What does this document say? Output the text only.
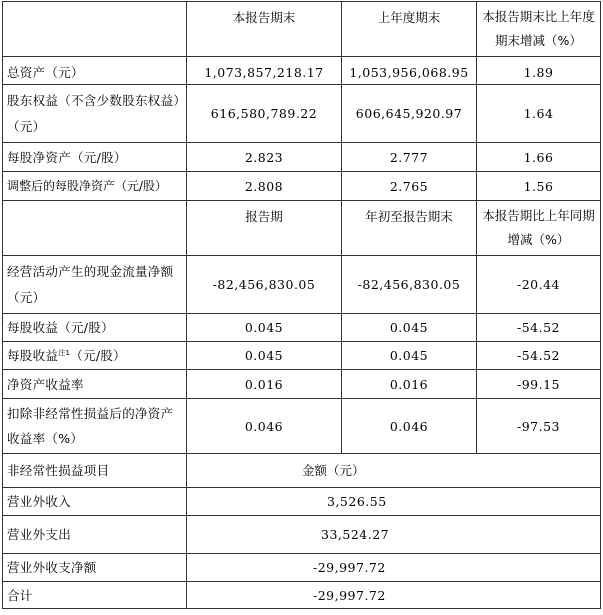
	本报告期末	上年度期末	本报告期末比上年度期末增减（%）
总资产（元）	1,073,857,218.17	1,053,956,068.95	1.89
股东权益（不含少数股东权益）（元）	616,580,789.22	606,645,920.97	1.64
每股净资产（元/股）	2.823	2.777	1.66
调整后的每股净资产（元/股）	2.808	2.765	1.56
	报告期	年初至报告期末	本报告期比上年同期增减（%）
经营活动产生的现金流量净额（元）	-82,456,830.05	-82,456,830.05	-20.44
每股收益（元/股）	0.045	0.045	-54.52
每股收益$^{注1}$（元/股）	0.045	0.045	-54.52
净资产收益率	0.016	0.016	-99.15
扣除非经常性损益后的净资产收益率（%）	0.046	0.046	-97.53
非经常性损益项目	金额（元）		
营业外收入	3,526.55		
营业外支出	33,524.27		
营业外收支净额	-29,997.72		
合计	-29,997.72		
